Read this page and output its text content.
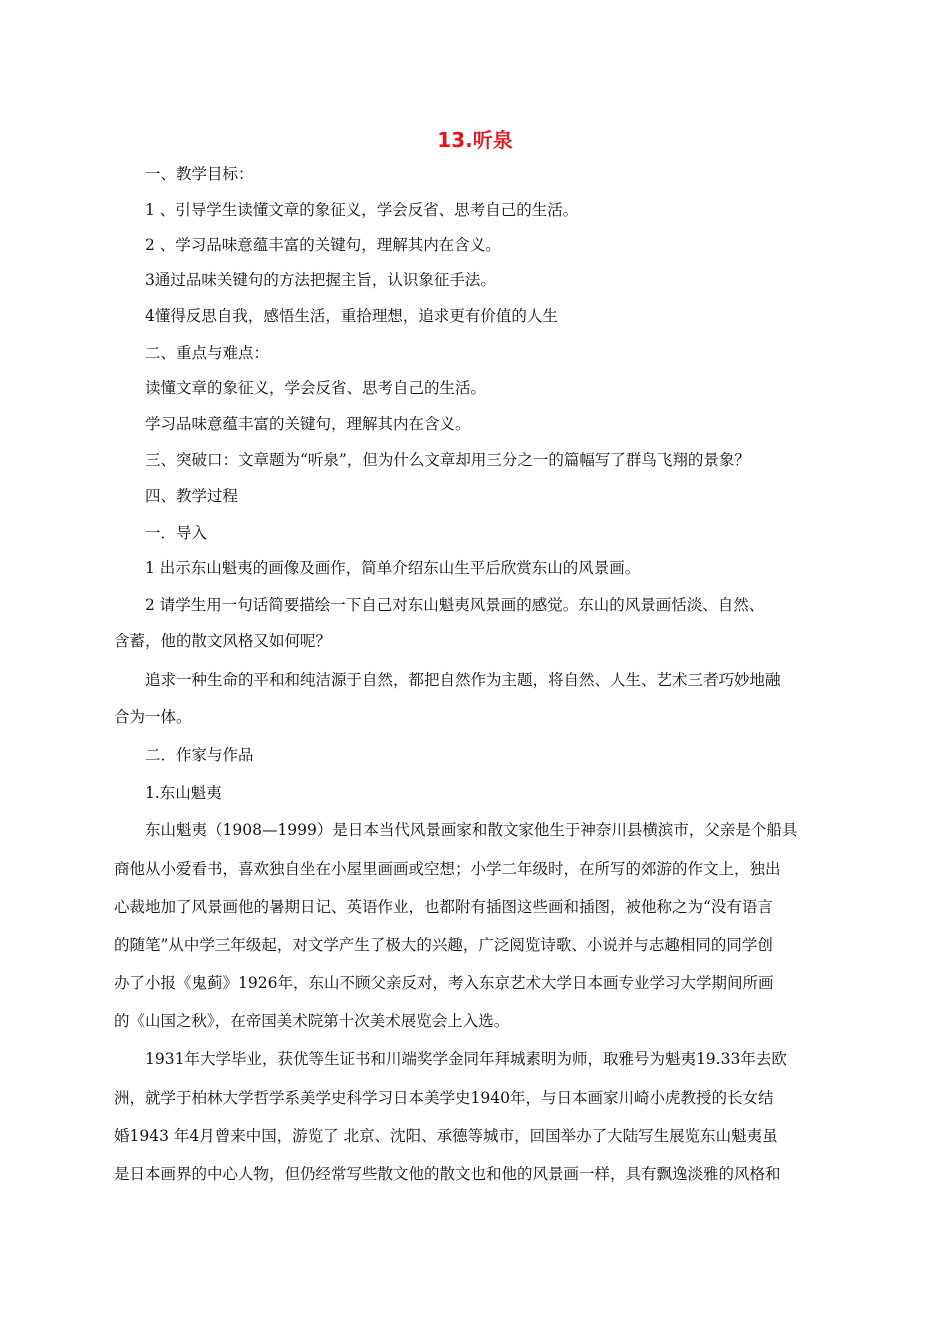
13.听泉
一、教学目标：
1 、引导学生读懂文章的象征义，学会反省、思考自己的生活。
2 、学习品味意蕴丰富的关键句，理解其内在含义。
3通过品味关键句的方法把握主旨，认识象征手法。
4懂得反思自我，感悟生活，重拾理想，追求更有价值的人生
二、重点与难点：
读懂文章的象征义，学会反省、思考自己的生活。
学习品味意蕴丰富的关键句，理解其内在含义。
三、突破口：文章题为“听泉”，但为什么文章却用三分之一的篇幅写了群鸟飞翔的景象？
四、教学过程
一．导入
1 出示东山魁夷的画像及画作，简单介绍东山生平后欣赏东山的风景画。
2 请学生用一句话简要描绘一下自己对东山魁夷风景画的感觉。东山的风景画恬淡、自然、
含蓄，他的散文风格又如何呢？
追求一种生命的平和和纯洁源于自然，都把自然作为主题，将自然、人生、艺术三者巧妙地融
合为一体。
二．作家与作品
1.东山魁夷
东山魁夷（1908—1999）是日本当代风景画家和散文家他生于神奈川县横滨市，父亲是个船具
商他从小爱看书，喜欢独自坐在小屋里画画或空想；小学二年级时，在所写的郊游的作文上，独出
心裁地加了风景画他的暑期日记、英语作业，也都附有插图这些画和插图，被他称之为“没有语言
的随笔”从中学三年级起，对文学产生了极大的兴趣，广泛阅览诗歌、小说并与志趣相同的同学创
办了小报《鬼蓟》1926年，东山不顾父亲反对，考入东京艺术大学日本画专业学习大学期间所画
的《山国之秋》，在帝国美术院第十次美术展览会上入选。
1931年大学毕业，获优等生证书和川端奖学金同年拜城素明为师，取雅号为魁夷19.33年去欧
洲，就学于柏林大学哲学系美学史科学习日本美学史1940年，与日本画家川崎小虎教授的长女结
婚1943 年4月曾来中国，游览了 北京、沈阳、承德等城市，回国举办了大陆写生展览东山魁夷虽
是日本画界的中心人物，但仍经常写些散文他的散文也和他的风景画一样，具有飘逸淡雅的风格和
